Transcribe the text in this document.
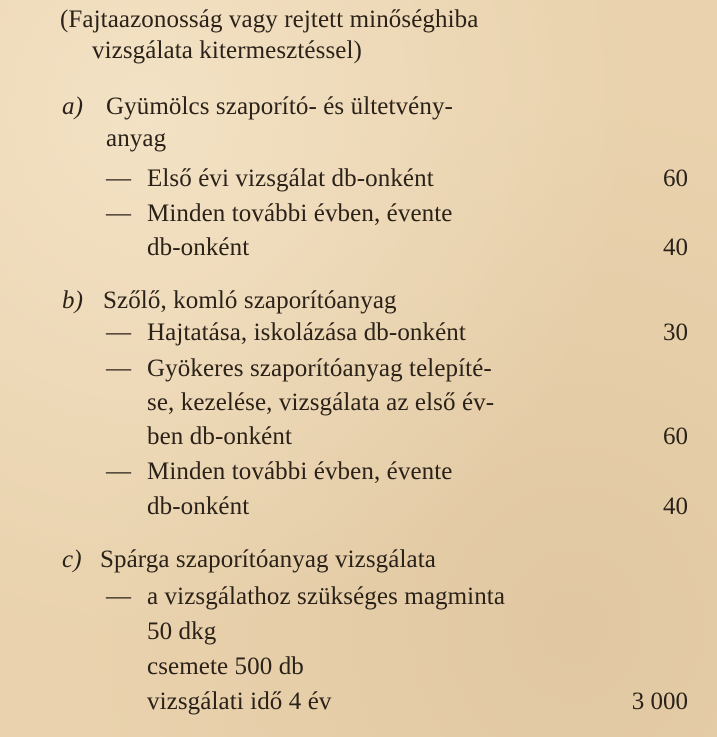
(Fajtaazonosság vagy rejtett minőséghiba
vizsgálata kitermesztéssel)
a) Gyümölcs szaporító- és ültetvény-
anyag
— Első évi vizsgálat db-onként	60
— Minden további évben, évente
db-onként	40
b) Szőlő, komló szaporítóanyag
— Hajtatása, iskolázása db-onként	30
— Gyökeres szaporítóanyag telepíté-
se, kezelése, vizsgálata az első év-
ben db-onként	60
— Minden további évben, évente
db-onként	40
c) Spárga szaporítóanyag vizsgálata
— a vizsgálathoz szükséges magminta
50 dkg
csemete 500 db
vizsgálati idő 4 év	3 000
